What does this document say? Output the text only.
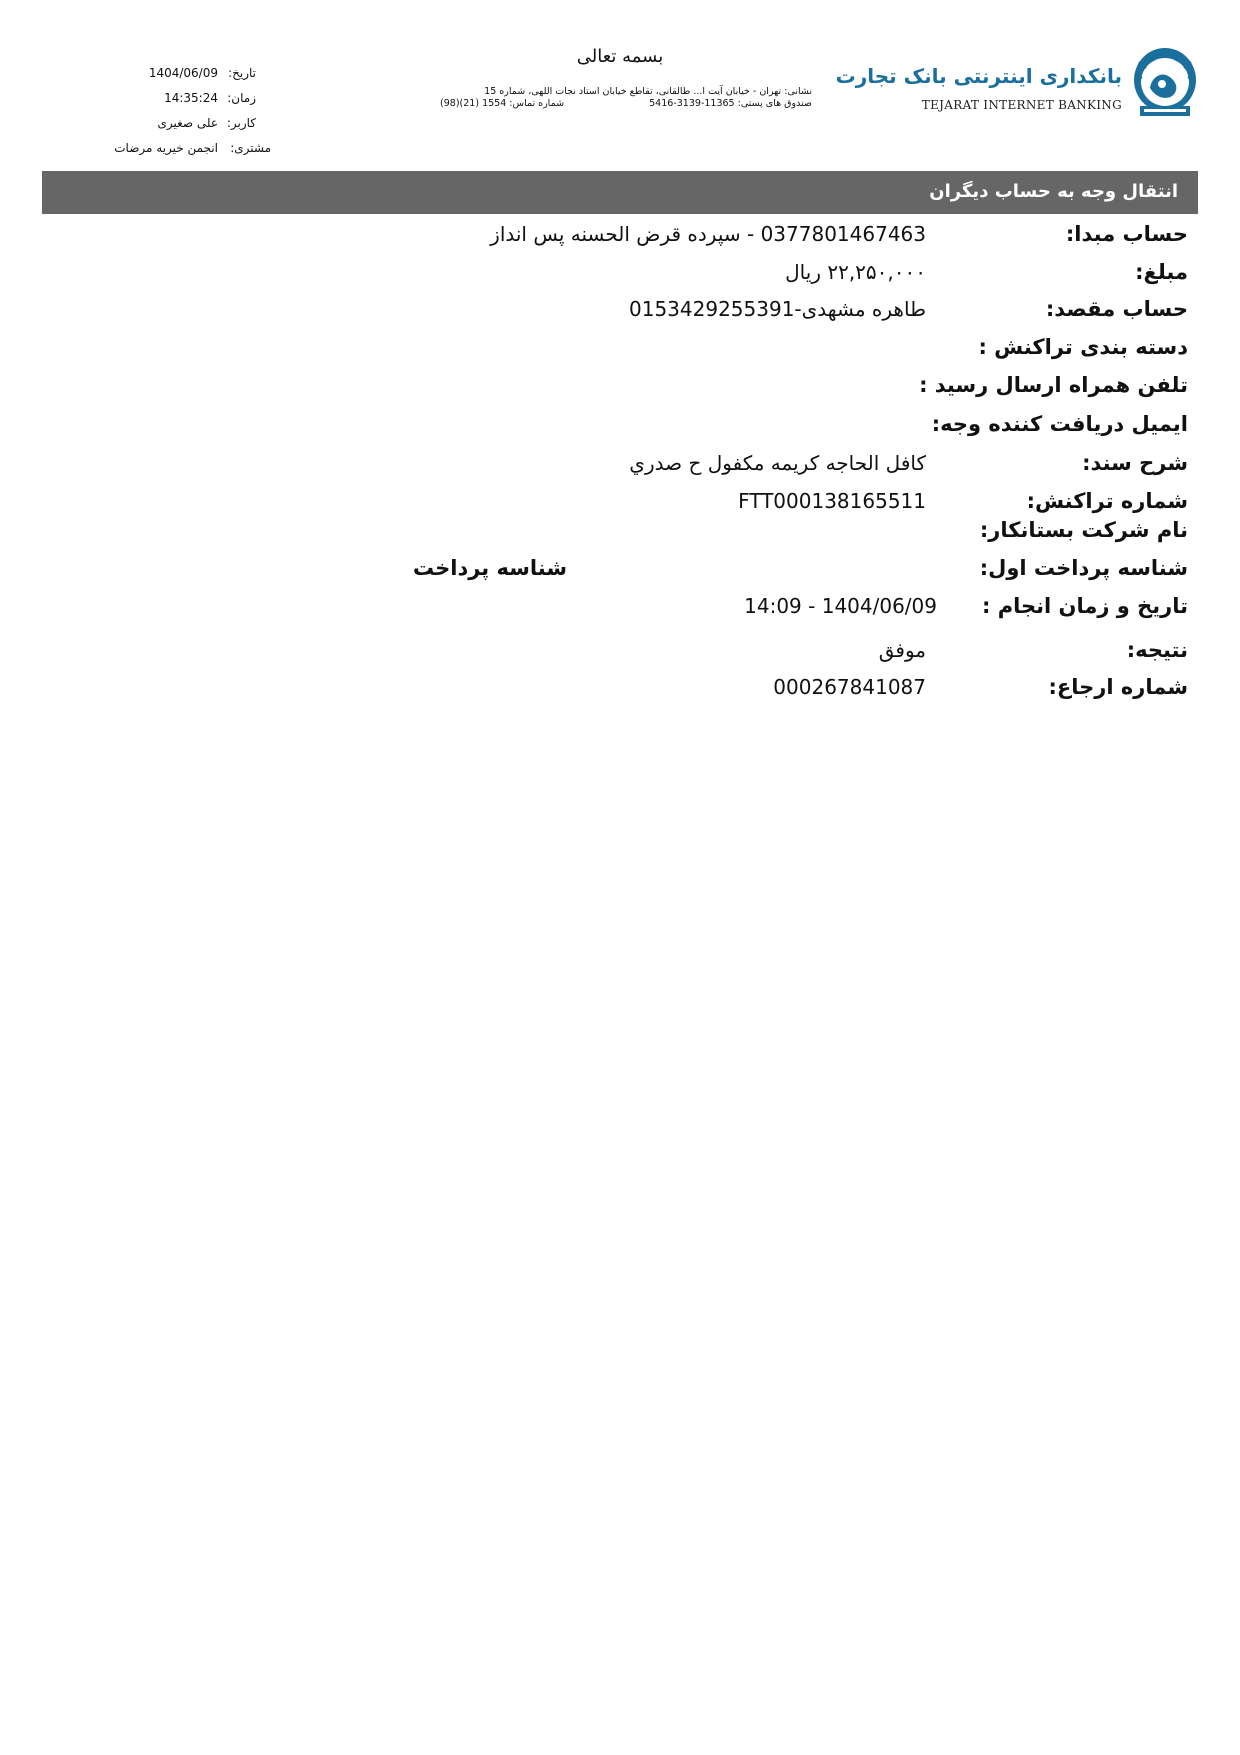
بانکداری اینترنتی بانک تجارت
TEJARAT INTERNET BANKING
بسمه تعالی
نشانی: تهران - خیابان آیت ا... طالقانی، تقاطع خیابان استاد نجات اللهی، شماره 15
صندوق های پستی: 11365-3139-5416
شماره تماس: 1554 (21)(98)
تاریخ:
1404/06/09
زمان:
14:35:24
کاربر:
علی صغیری
مشتری:
انجمن خیریه مرضات
انتقال وجه به حساب دیگران
حساب مبدا:
0377801467463 - سپرده قرض الحسنه پس انداز
مبلغ:
۲۲,۲۵۰,۰۰۰ ریال
حساب مقصد:
طاهره مشهدی-0153429255391
دسته بندی تراکنش :
تلفن همراه ارسال رسید :
ایمیل دریافت کننده وجه:
شرح سند:
كافل الحاجه كريمه مكفول ح صدري
شماره تراکنش:
FTT000138165511
نام شرکت بستانکار:
شناسه پرداخت اول:
شناسه پرداخت
تاریخ و زمان انجام :
1404/06/09 - 14:09
نتیجه:
موفق
شماره ارجاع:
000267841087
